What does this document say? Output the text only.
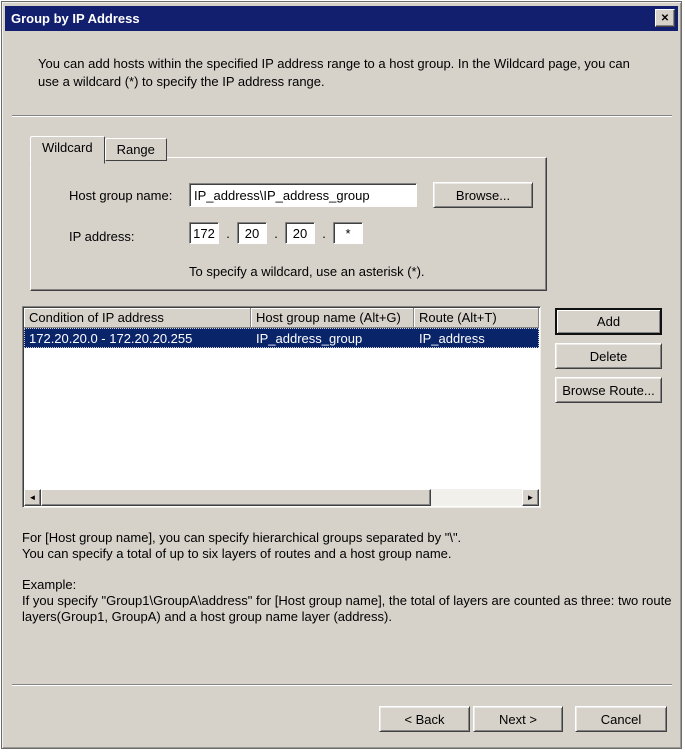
Group by IP Address	✕
You can add hosts within the specified IP address range to a host group. In the Wildcard page, you can use a wildcard (*) to specify the IP address range.
Wildcard	Range
Host group name:
IP_address\IP_address_group	Browse...
IP address:
172	.
20	.
20	.
*
To specify a wildcard, use an asterisk (*).
Condition of IP address	Host group name (Alt+G)	Route (Alt+T)
172.20.20.0 - 172.20.20.255	IP_address_group	IP_address
◄	►
Add
Delete
Browse Route...
For [Host group name], you can specify hierarchical groups separated by "\".
You can specify a total of up to six layers of routes and a host group name.
Example:
If you specify "Group1\GroupA\address" for [Host group name], the total of layers are counted as three: two route layers(Group1, GroupA) and a host group name layer (address).
< Back	Next >	Cancel
